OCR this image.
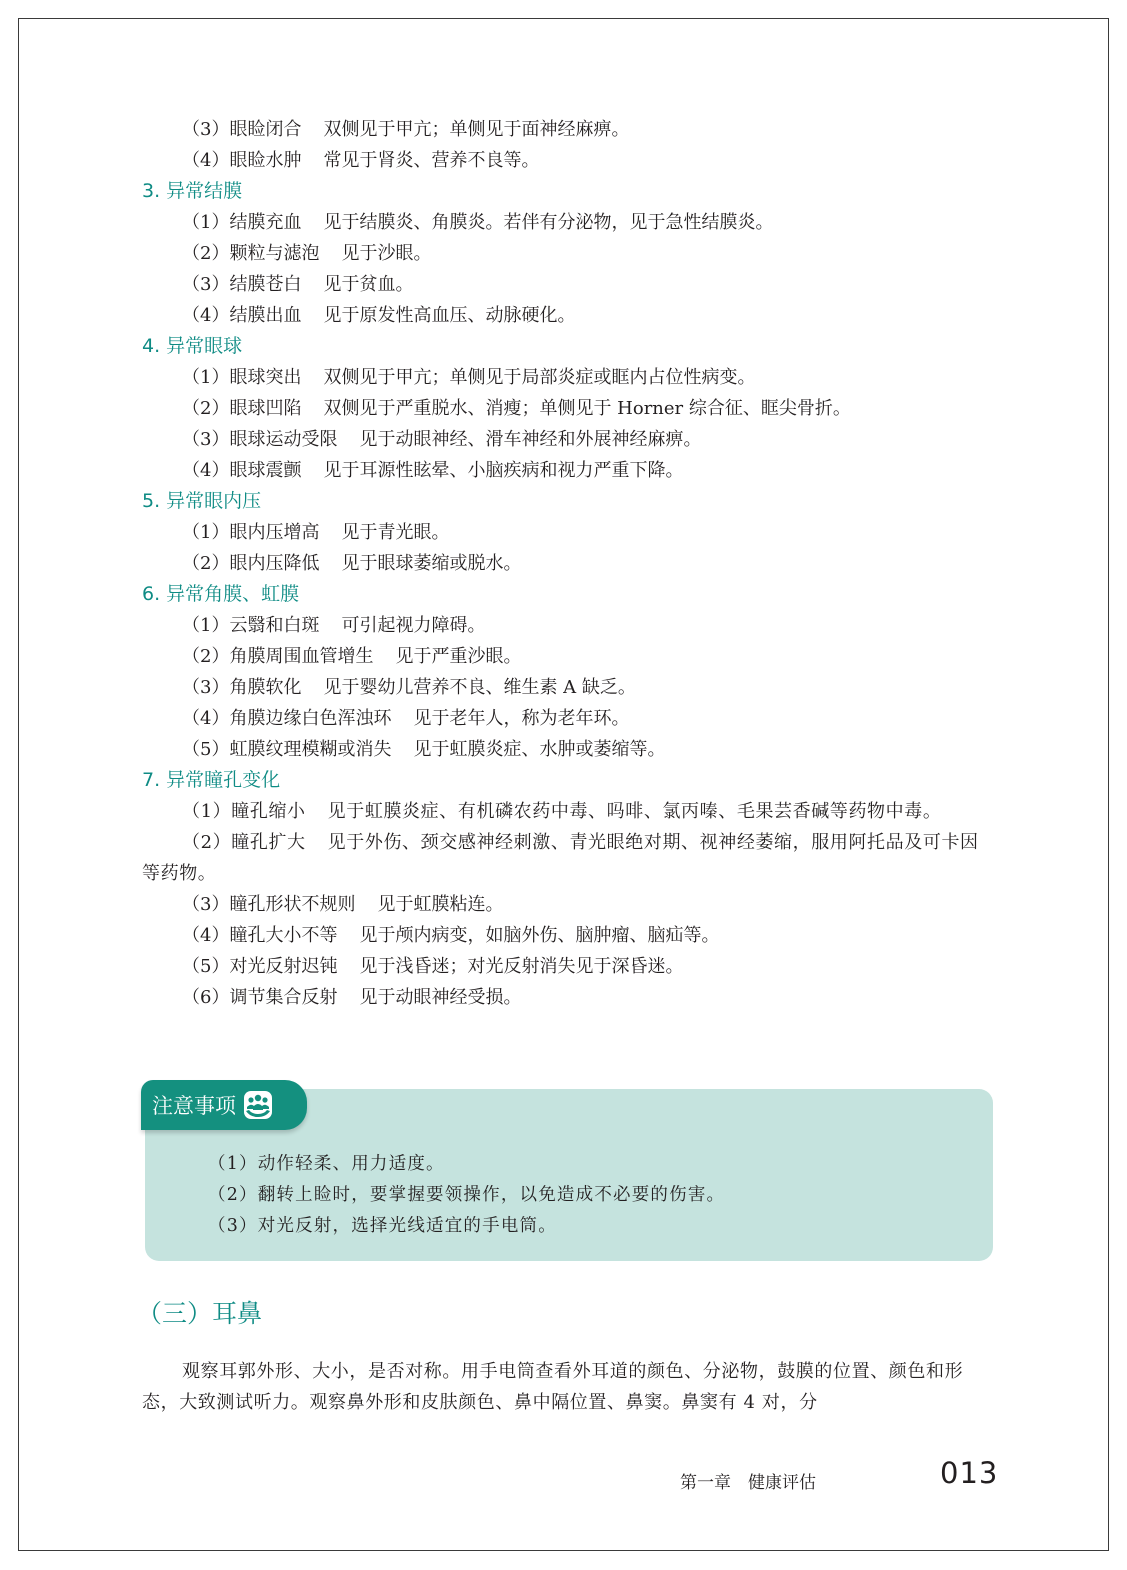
（3）眼睑闭合 双侧见于甲亢；单侧见于面神经麻痹。
（4）眼睑水肿 常见于肾炎、营养不良等。
3. 异常结膜
（1）结膜充血 见于结膜炎、角膜炎。若伴有分泌物，见于急性结膜炎。
（2）颗粒与滤泡 见于沙眼。
（3）结膜苍白 见于贫血。
（4）结膜出血 见于原发性高血压、动脉硬化。
4. 异常眼球
（1）眼球突出 双侧见于甲亢；单侧见于局部炎症或眶内占位性病变。
（2）眼球凹陷 双侧见于严重脱水、消瘦；单侧见于 Horner 综合征、眶尖骨折。
（3）眼球运动受限 见于动眼神经、滑车神经和外展神经麻痹。
（4）眼球震颤 见于耳源性眩晕、小脑疾病和视力严重下降。
5. 异常眼内压
（1）眼内压增高 见于青光眼。
（2）眼内压降低 见于眼球萎缩或脱水。
6. 异常角膜、虹膜
（1）云翳和白斑 可引起视力障碍。
（2）角膜周围血管增生 见于严重沙眼。
（3）角膜软化 见于婴幼儿营养不良、维生素 A 缺乏。
（4）角膜边缘白色浑浊环 见于老年人，称为老年环。
（5）虹膜纹理模糊或消失 见于虹膜炎症、水肿或萎缩等。
7. 异常瞳孔变化
（1）瞳孔缩小 见于虹膜炎症、有机磷农药中毒、吗啡、氯丙嗪、毛果芸香碱等药物中毒。
（2）瞳孔扩大 见于外伤、颈交感神经刺激、青光眼绝对期、视神经萎缩，服用阿托品及可卡因等药物。
（3）瞳孔形状不规则 见于虹膜粘连。
（4）瞳孔大小不等 见于颅内病变，如脑外伤、脑肿瘤、脑疝等。
（5）对光反射迟钝 见于浅昏迷；对光反射消失见于深昏迷。
（6）调节集合反射 见于动眼神经受损。
注意事项
（1）动作轻柔、用力适度。
（2）翻转上睑时，要掌握要领操作，以免造成不必要的伤害。
（3）对光反射，选择光线适宜的手电筒。
（三）耳鼻
观察耳郭外形、大小，是否对称。用手电筒查看外耳道的颜色、分泌物，鼓膜的位置、颜色和形态，大致测试听力。观察鼻外形和皮肤颜色、鼻中隔位置、鼻窦。鼻窦有 4 对，分
第一章　健康评估	013
